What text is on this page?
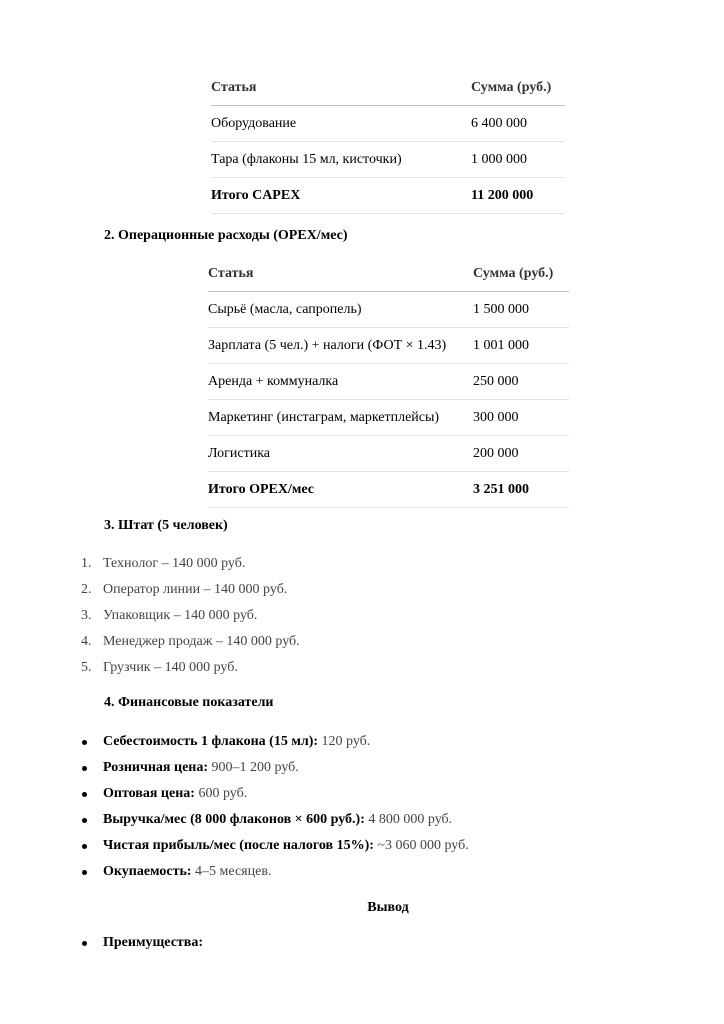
Статья	Сумма (руб.)
Оборудование	6 400 000
Тара (флаконы 15 мл, кисточки)	1 000 000
Итого CAPEX	11 200 000
2. Операционные расходы (OPEX/мес)
Статья	Сумма (руб.)
Сырьё (масла, сапропель)	1 500 000
Зарплата (5 чел.) + налоги (ФОТ × 1.43)	1 001 000
Аренда + коммуналка	250 000
Маркетинг (инстаграм, маркетплейсы)	300 000
Логистика	200 000
Итого OPEX/мес	3 251 000
3. Штат (5 человек)
1. Технолог – 140 000 руб.
2. Оператор линии – 140 000 руб.
3. Упаковщик – 140 000 руб.
4. Менеджер продаж – 140 000 руб.
5. Грузчик – 140 000 руб.
4. Финансовые показатели
Себестоимость 1 флакона (15 мл): 120 руб.
Розничная цена: 900–1 200 руб.
Оптовая цена: 600 руб.
Выручка/мес (8 000 флаконов × 600 руб.): 4 800 000 руб.
Чистая прибыль/мес (после налогов 15%): ~3 060 000 руб.
Окупаемость: 4–5 месяцев.
Вывод
Преимущества:
